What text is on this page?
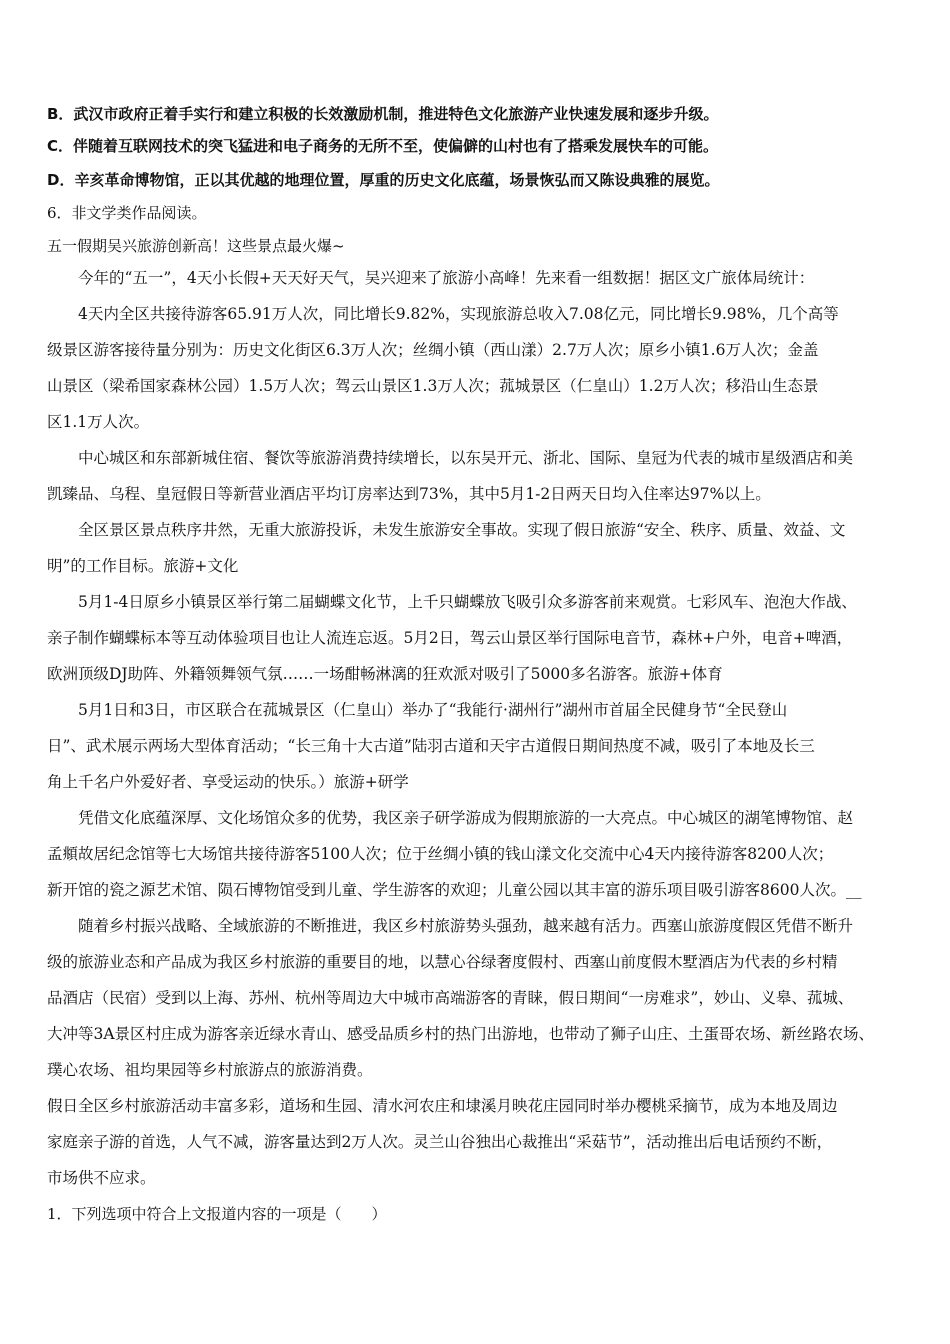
B．武汉市政府正着手实行和建立积极的长效激励机制，推进特色文化旅游产业快速发展和逐步升级。
C．伴随着互联网技术的突飞猛进和电子商务的无所不至，使偏僻的山村也有了搭乘发展快车的可能。
D．辛亥革命博物馆，正以其优越的地理位置，厚重的历史文化底蕴，场景恢弘而又陈设典雅的展览。
6．非文学类作品阅读。
五一假期吴兴旅游创新高！这些景点最火爆~
今年的“五一”，4天小长假+天天好天气，吴兴迎来了旅游小高峰！先来看一组数据！据区文广旅体局统计：
4天内全区共接待游客65.91万人次，同比增长9.82%，实现旅游总收入7.08亿元，同比增长9.98%，几个高等
级景区游客接待量分别为：历史文化街区6.3万人次；丝绸小镇（西山漾）2.7万人次；原乡小镇1.6万人次；金盖
山景区（梁希国家森林公园）1.5万人次；驾云山景区1.3万人次；菰城景区（仁皇山）1.2万人次；移沿山生态景
区1.1万人次。
中心城区和东部新城住宿、餐饮等旅游消费持续增长，以东吴开元、浙北、国际、皇冠为代表的城市星级酒店和美
凯臻品、乌程、皇冠假日等新营业酒店平均订房率达到73%，其中5月1-2日两天日均入住率达97%以上。
全区景区景点秩序井然，无重大旅游投诉，未发生旅游安全事故。实现了假日旅游“安全、秩序、质量、效益、文
明”的工作目标。旅游+文化
5月1-4日原乡小镇景区举行第二届蝴蝶文化节，上千只蝴蝶放飞吸引众多游客前来观赏。七彩风车、泡泡大作战、
亲子制作蝴蝶标本等互动体验项目也让人流连忘返。5月2日，驾云山景区举行国际电音节，森林+户外，电音+啤酒，
欧洲顶级DJ助阵、外籍领舞领气氛……一场酣畅淋漓的狂欢派对吸引了5000多名游客。旅游+体育
5月1日和3日，市区联合在菰城景区（仁皇山）举办了“我能行·湖州行”湖州市首届全民健身节“全民登山
日”、武术展示两场大型体育活动；“长三角十大古道”陆羽古道和天宇古道假日期间热度不减，吸引了本地及长三
角上千名户外爱好者、享受运动的快乐。）旅游+研学
凭借文化底蕴深厚、文化场馆众多的优势，我区亲子研学游成为假期旅游的一大亮点。中心城区的湖笔博物馆、赵
孟頫故居纪念馆等七大场馆共接待游客5100人次；位于丝绸小镇的钱山漾文化交流中心4天内接待游客8200人次；
新开馆的瓷之源艺术馆、陨石博物馆受到儿童、学生游客的欢迎；儿童公园以其丰富的游乐项目吸引游客8600人次。__
随着乡村振兴战略、全域旅游的不断推进，我区乡村旅游势头强劲，越来越有活力。西塞山旅游度假区凭借不断升
级的旅游业态和产品成为我区乡村旅游的重要目的地，以慧心谷绿奢度假村、西塞山前度假木墅酒店为代表的乡村精
品酒店（民宿）受到以上海、苏州、杭州等周边大中城市高端游客的青睐，假日期间“一房难求”，妙山、义皋、菰城、
大冲等3A景区村庄成为游客亲近绿水青山、感受品质乡村的热门出游地，也带动了狮子山庄、土蛋哥农场、新丝路农场、
璞心农场、祖均果园等乡村旅游点的旅游消费。
假日全区乡村旅游活动丰富多彩，道场和生园、清水河农庄和埭溪月映花庄园同时举办樱桃采摘节，成为本地及周边
家庭亲子游的首选，人气不减，游客量达到2万人次。灵兰山谷独出心裁推出“采菇节”，活动推出后电话预约不断，
市场供不应求。
1．下列选项中符合上文报道内容的一项是（　　）
